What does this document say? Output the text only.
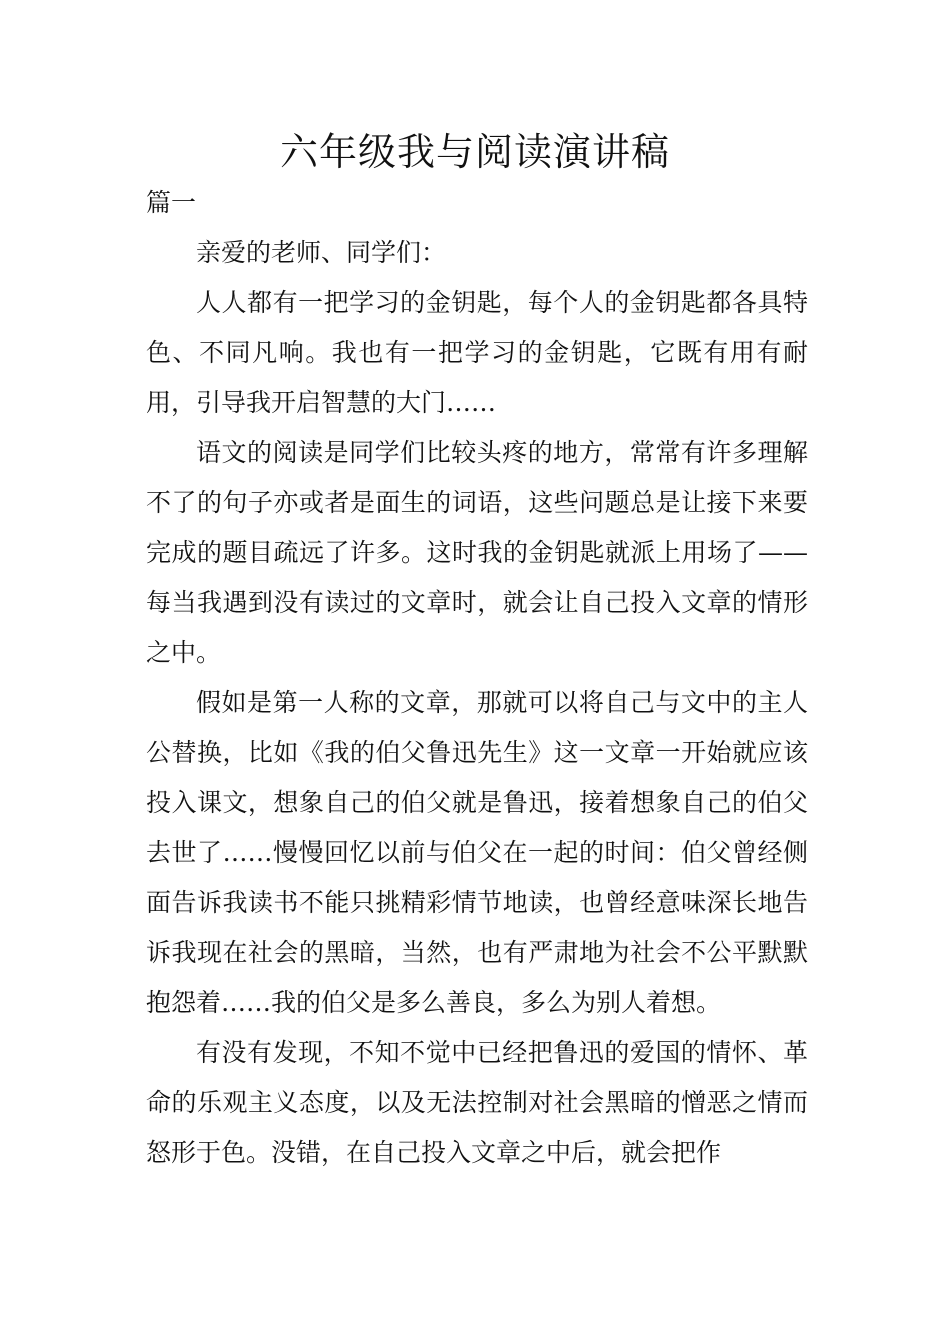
六年级我与阅读演讲稿

篇一

亲爱的老师、同学们：

人人都有一把学习的金钥匙，每个人的金钥匙都各具特色、不同凡响。我也有一把学习的金钥匙，它既有用有耐用，引导我开启智慧的大门……

语文的阅读是同学们比较头疼的地方，常常有许多理解不了的句子亦或者是面生的词语，这些问题总是让接下来要完成的题目疏远了许多。这时我的金钥匙就派上用场了——每当我遇到没有读过的文章时，就会让自己投入文章的情形之中。

假如是第一人称的文章，那就可以将自己与文中的主人公替换，比如《我的伯父鲁迅先生》这一文章一开始就应该投入课文，想象自己的伯父就是鲁迅，接着想象自己的伯父去世了……慢慢回忆以前与伯父在一起的时间：伯父曾经侧面告诉我读书不能只挑精彩情节地读，也曾经意味深长地告诉我现在社会的黑暗，当然，也有严肃地为社会不公平默默抱怨着……我的伯父是多么善良，多么为别人着想。

有没有发现，不知不觉中已经把鲁迅的爱国的情怀、革命的乐观主义态度，以及无法控制对社会黑暗的憎恶之情而怒形于色。没错，在自己投入文章之中后，就会把作
